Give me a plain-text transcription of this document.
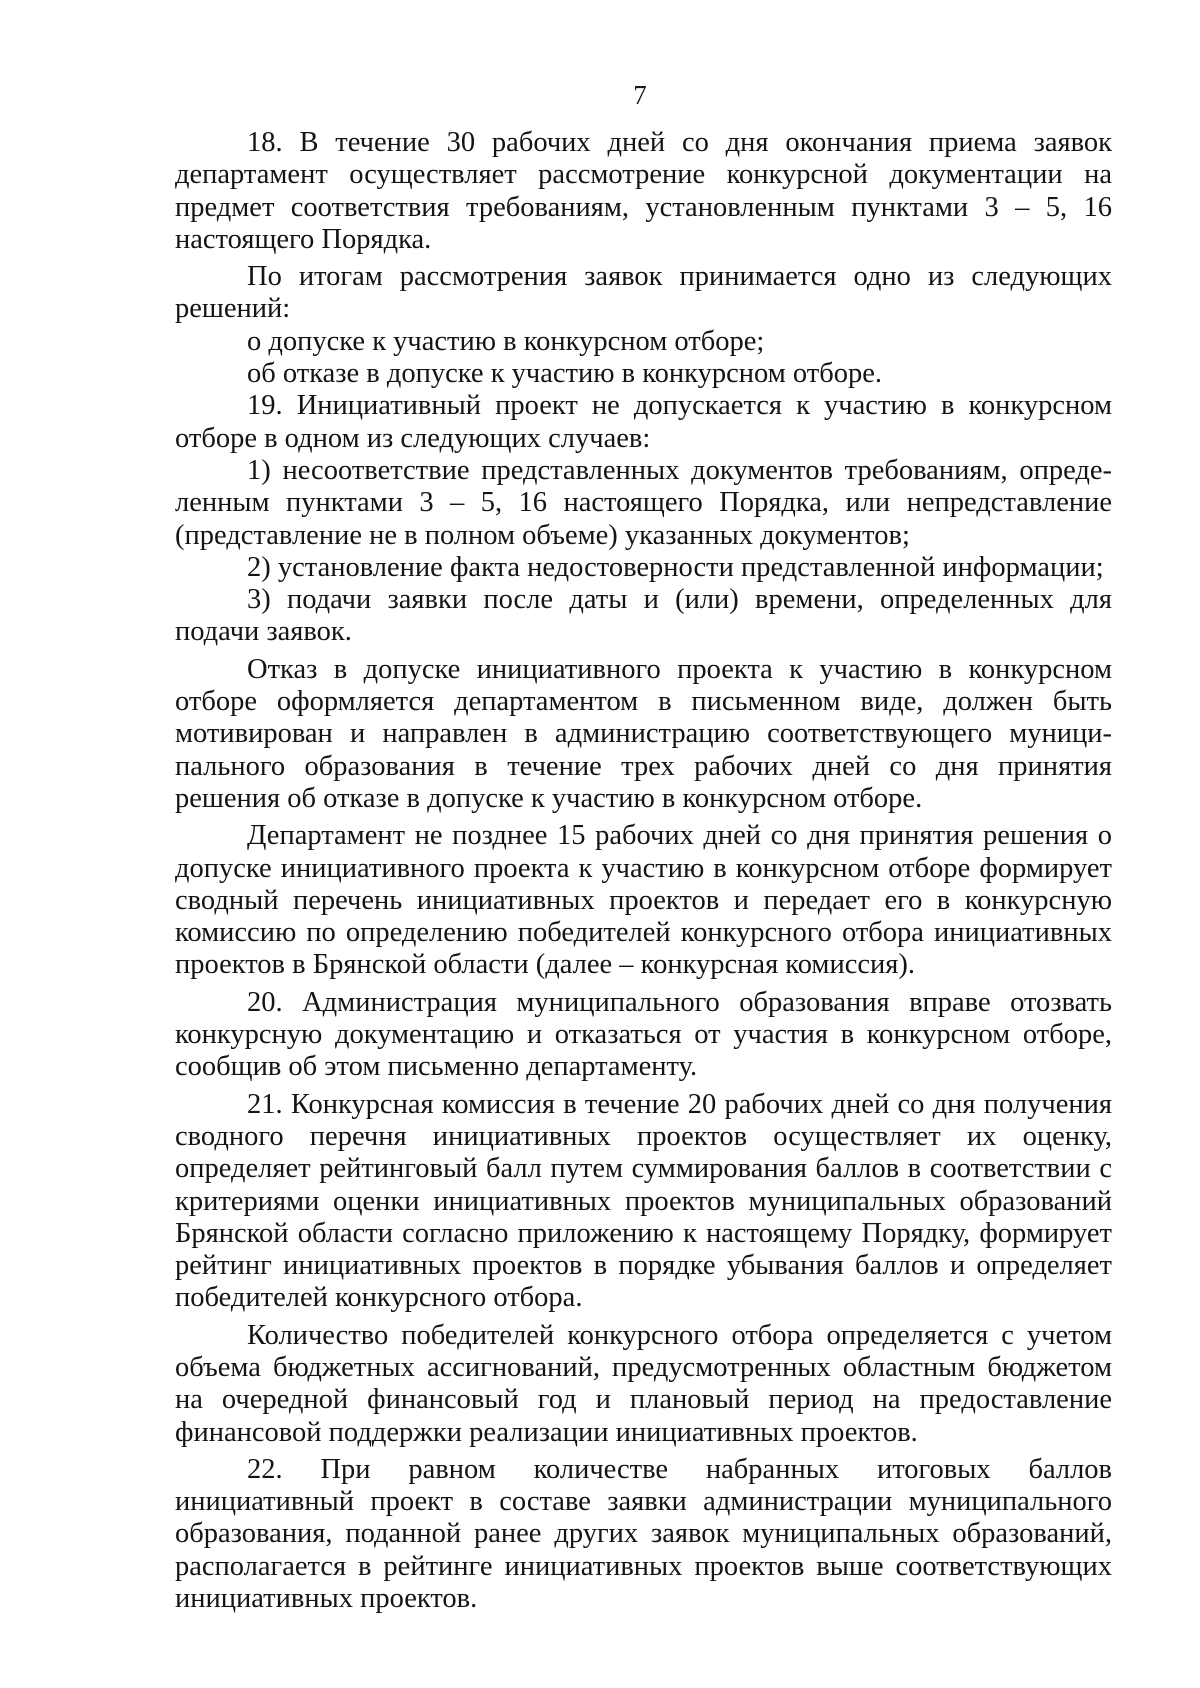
7

18. В течение 30 рабочих дней со дня окончания приема заявок департамент осуществляет рассмотрение конкурсной документации на предмет соответствия требованиям, установленным пунктами 3 – 5, 16 настоящего Порядка.

По итогам рассмотрения заявок принимается одно из следующих решений:

о допуске к участию в конкурсном отборе;

об отказе в допуске к участию в конкурсном отборе.

19. Инициативный проект не допускается к участию в конкурсном отборе в одном из следующих случаев:

1) несоответствие представленных документов требованиям, определенным пунктами 3 – 5, 16 настоящего Порядка, или непредставление (представление не в полном объеме) указанных документов;

2) установление факта недостоверности представленной информации;

3) подачи заявки после даты и (или) времени, определенных для подачи заявок.

Отказ в допуске инициативного проекта к участию в конкурсном отборе оформляется департаментом в письменном виде, должен быть мотивирован и направлен в администрацию соответствующего муниципального образования в течение трех рабочих дней со дня принятия решения об отказе в допуске к участию в конкурсном отборе.

Департамент не позднее 15 рабочих дней со дня принятия решения о допуске инициативного проекта к участию в конкурсном отборе формирует сводный перечень инициативных проектов и передает его в конкурсную комиссию по определению победителей конкурсного отбора инициативных проектов в Брянской области (далее – конкурсная комиссия).

20. Администрация муниципального образования вправе отозвать конкурсную документацию и отказаться от участия в конкурсном отборе, сообщив об этом письменно департаменту.

21. Конкурсная комиссия в течение 20 рабочих дней со дня получения сводного перечня инициативных проектов осуществляет их оценку, определяет рейтинговый балл путем суммирования баллов в соответствии с критериями оценки инициативных проектов муниципальных образований Брянской области согласно приложению к настоящему Порядку, формирует рейтинг инициативных проектов в порядке убывания баллов и определяет победителей конкурсного отбора.

Количество победителей конкурсного отбора определяется с учетом объема бюджетных ассигнований, предусмотренных областным бюджетом на очередной финансовый год и плановый период на предоставление финансовой поддержки реализации инициативных проектов.

22. При равном количестве набранных итоговых баллов инициативный проект в составе заявки администрации муниципального образования, поданной ранее других заявок муниципальных образований, располагается в рейтинге инициативных проектов выше соответствующих инициативных проектов.
